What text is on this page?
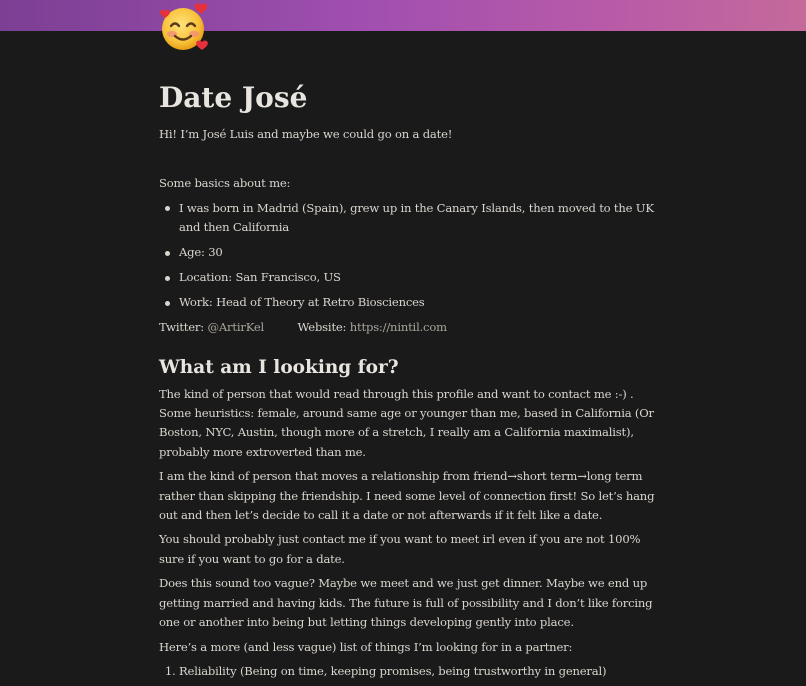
Date José

Hi! I’m José Luis and maybe we could go on a date!

Some basics about me:

I was born in Madrid (Spain), grew up in the Canary Islands, then moved to the UK and then California
Age: 30
Location: San Francisco, US
Work: Head of Theory at Retro Biosciences

Twitter: @ArtirKel	Website: https://nintil.com

What am I looking for?

The kind of person that would read through this profile and want to contact me :-) . Some heuristics: female, around same age or younger than me, based in California (Or Boston, NYC, Austin, though more of a stretch, I really am a California maximalist), probably more extroverted than me.

I am the kind of person that moves a relationship from friend→short term→long term rather than skipping the friendship. I need some level of connection first! So let’s hang out and then let’s decide to call it a date or not afterwards if it felt like a date.

You should probably just contact me if you want to meet irl even if you are not 100% sure if you want to go for a date.

Does this sound too vague? Maybe we meet and we just get dinner. Maybe we end up getting married and having kids. The future is full of possibility and I don’t like forcing one or another into being but letting things developing gently into place.

Here’s a more (and less vague) list of things I’m looking for in a partner:

1. Reliability (Being on time, keeping promises, being trustworthy in general)
